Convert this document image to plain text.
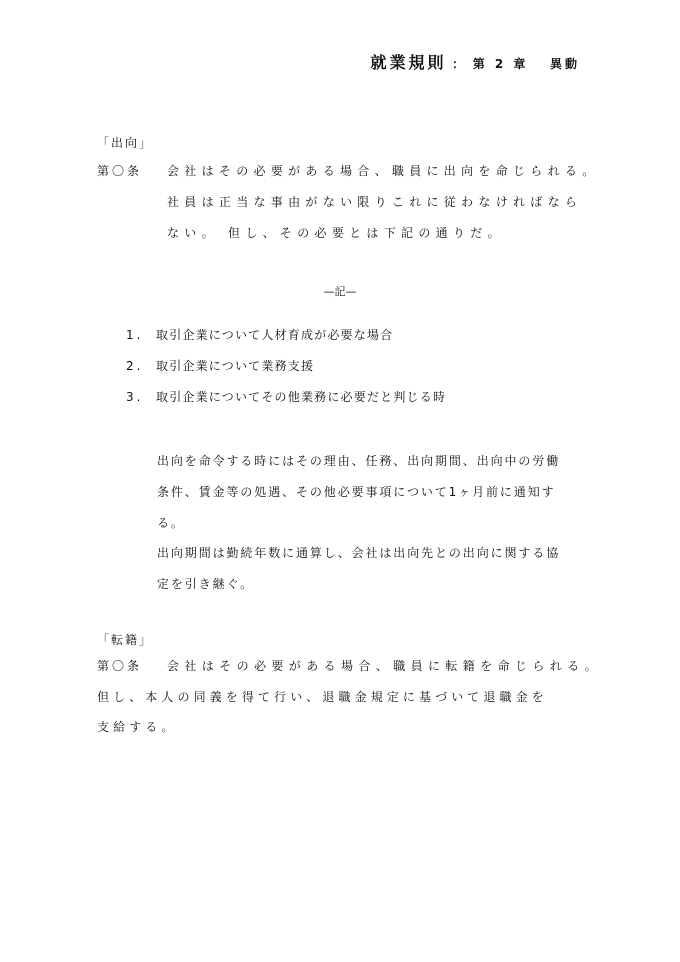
就業規則 ： 第 2 章 異動
「出向」
第〇条 会社はその必要がある場合、職員に出向を命じられる。
社員は正当な事由がない限りこれに従わなければなら
ない。 但し、その必要とは下記の通りだ。
—記—
1. 取引企業について人材育成が必要な場合
2. 取引企業について業務支援
3. 取引企業についてその他業務に必要だと判じる時
出向を命令する時にはその理由、任務、出向期間、出向中の労働
条件、賃金等の処遇、その他必要事項について1ヶ月前に通知す
る。
出向期間は勤続年数に通算し、会社は出向先との出向に関する協
定を引き継ぐ。
「転籍」
第〇条 会社はその必要がある場合、職員に転籍を命じられる。
但し、本人の同義を得て行い、退職金規定に基づいて退職金を
支給する。
